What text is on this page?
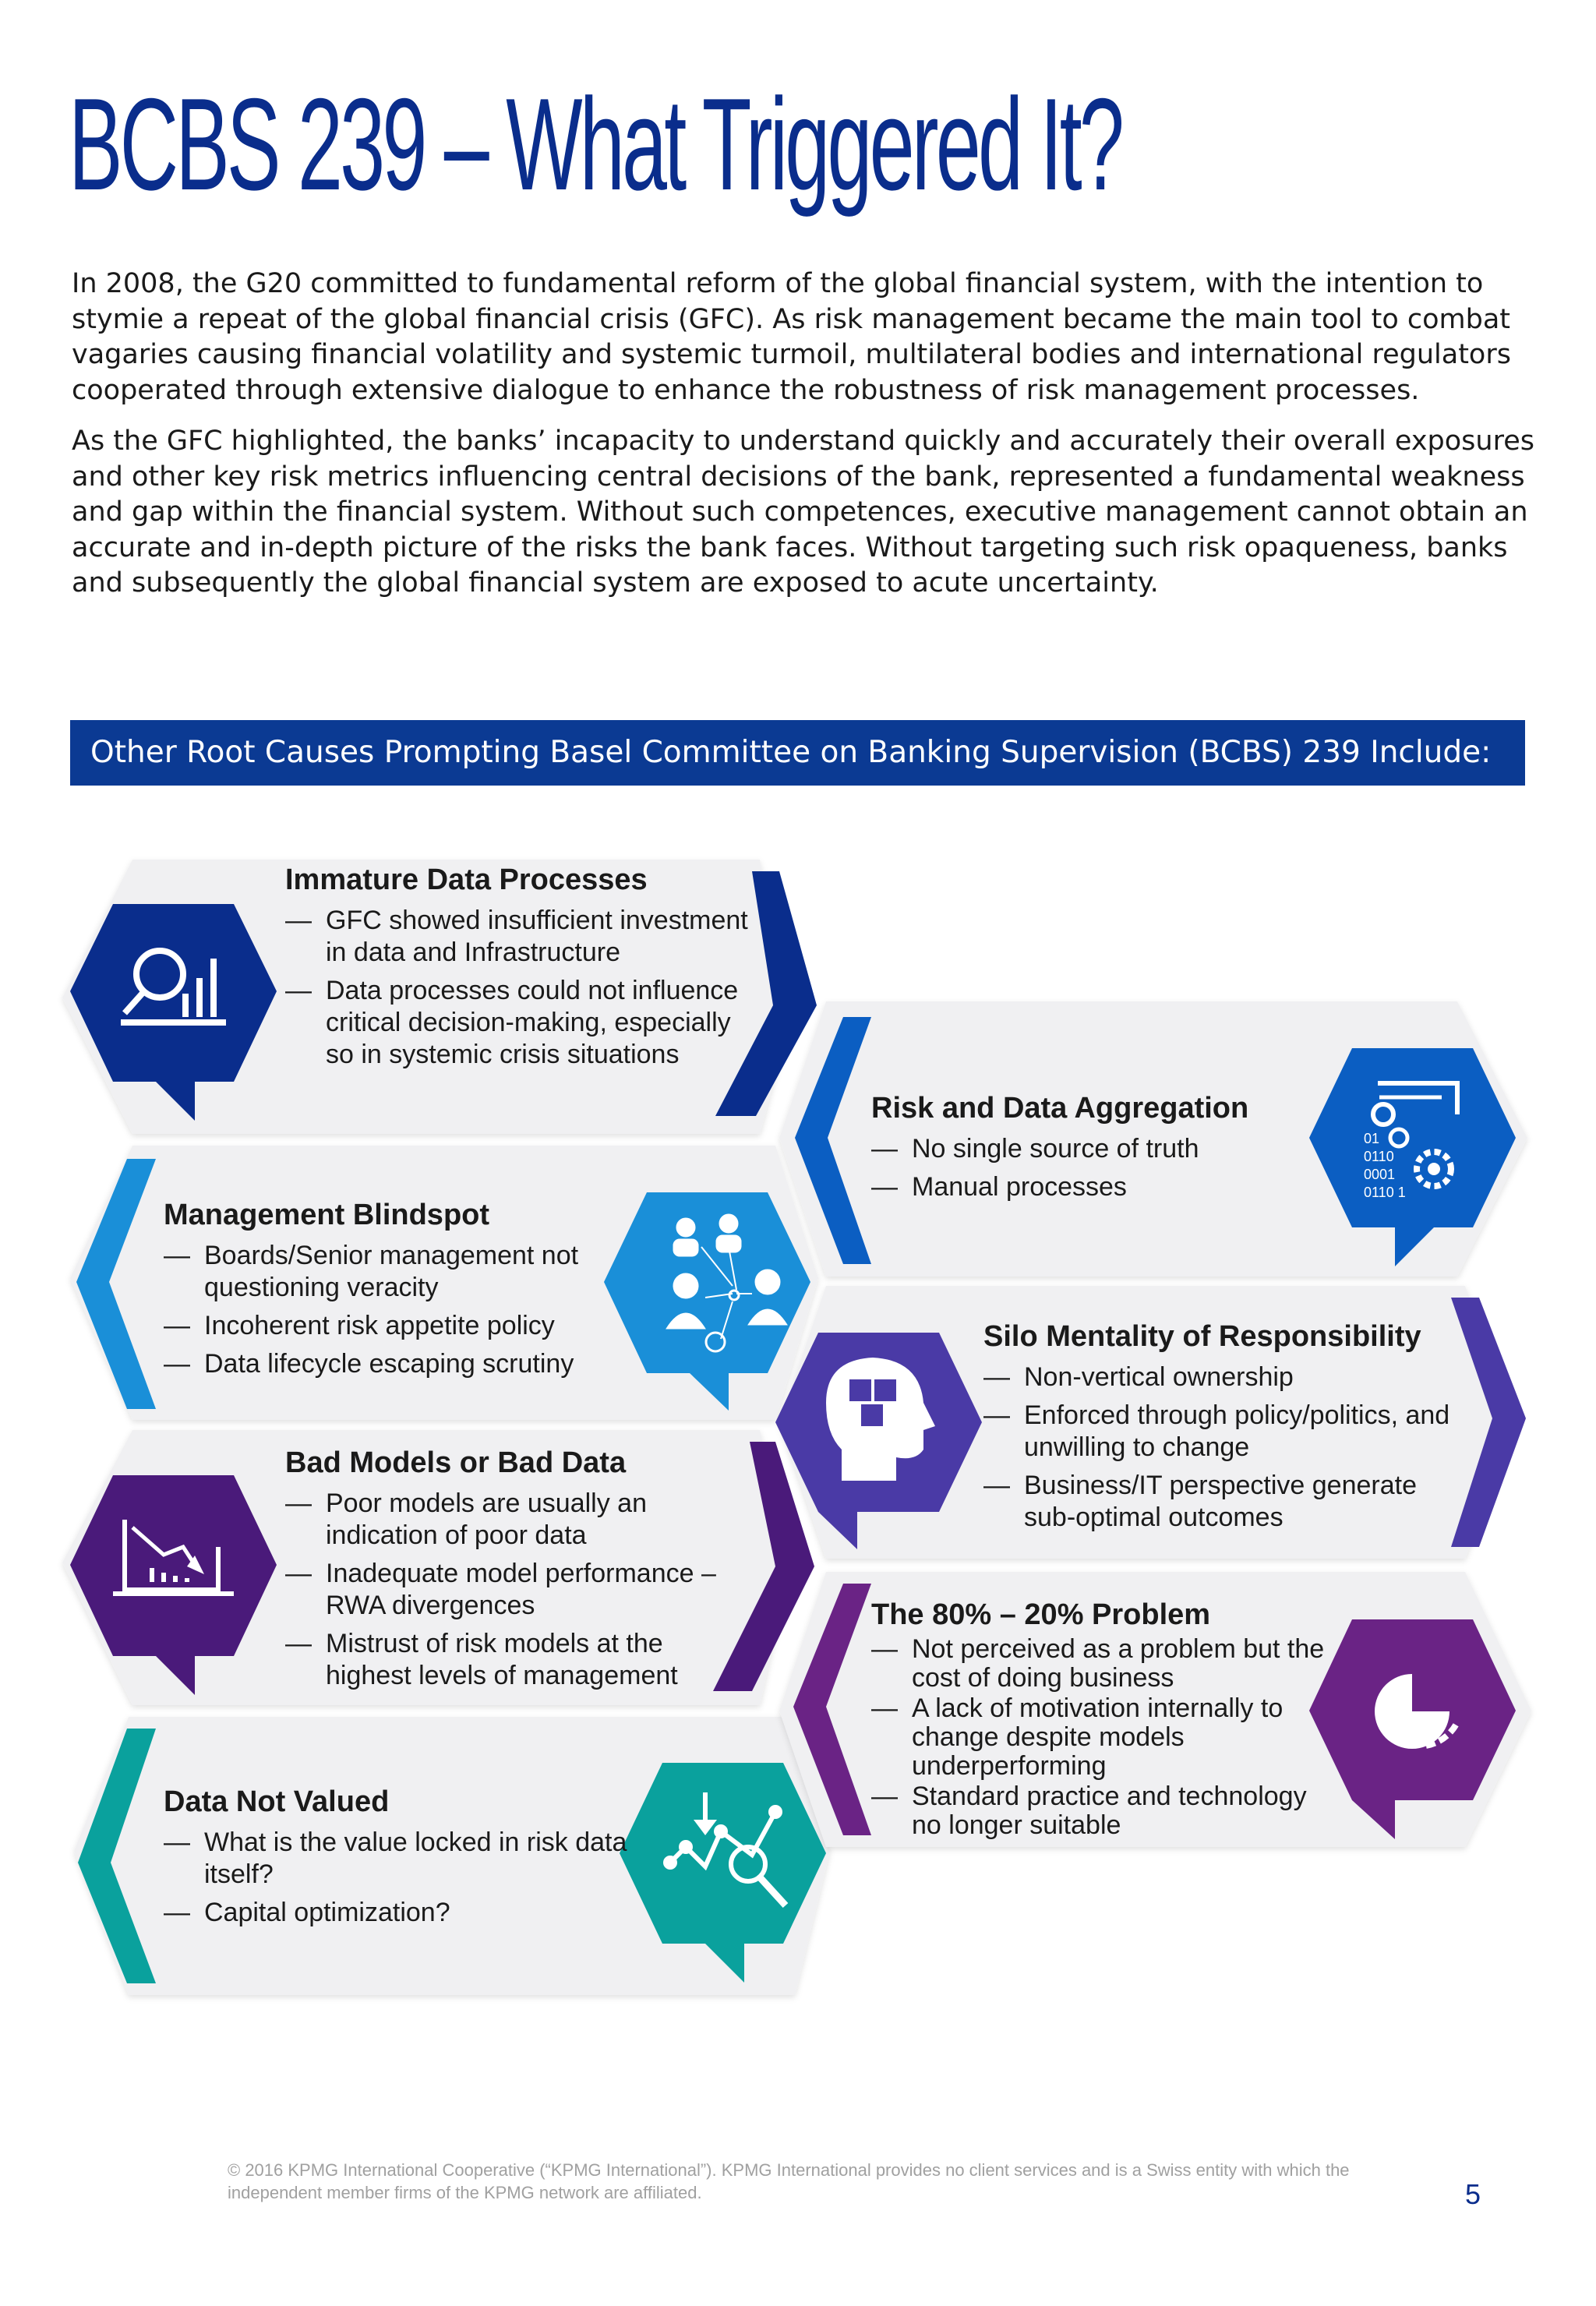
BCBS 239 – What Triggered It?

In 2008, the G20 committed to fundamental reform of the global financial system, with the intention to stymie a repeat of the global financial crisis (GFC). As risk management became the main tool to combat vagaries causing financial volatility and systemic turmoil, multilateral bodies and international regulators cooperated through extensive dialogue to enhance the robustness of risk management processes.

As the GFC highlighted, the banks’ incapacity to understand quickly and accurately their overall exposures and other key risk metrics influencing central decisions of the bank, represented a fundamental weakness and gap within the financial system. Without such competences, executive management cannot obtain an accurate and in-depth picture of the risks the bank faces. Without targeting such risk opaqueness, banks and subsequently the global financial system are exposed to acute uncertainty.

Other Root Causes Prompting Basel Committee on Banking Supervision (BCBS) 239 Include:
01
0110
0001
0110 1
Immature Data Processes
— GFC showed insufficient investment in data and Infrastructure
— Data processes could not influence critical decision-making, especially so in systemic crisis situations
Risk and Data Aggregation
— No single source of truth
— Manual processes
Management Blindspot
— Boards/Senior management not questioning veracity
— Incoherent risk appetite policy
— Data lifecycle escaping scrutiny
Silo Mentality of Responsibility
— Non-vertical ownership
— Enforced through policy/politics, and unwilling to change
— Business/IT perspective generate sub-optimal outcomes
Bad Models or Bad Data
— Poor models are usually an indication of poor data
— Inadequate model performance – RWA divergences
— Mistrust of risk models at the highest levels of management
The 80% – 20% Problem
— Not perceived as a problem but the cost of doing business
— A lack of motivation internally to change despite models underperforming
— Standard practice and technology no longer suitable
Data Not Valued
— What is the value locked in risk data itself?
— Capital optimization?
© 2016 KPMG International Cooperative (“KPMG International”). KPMG International provides no client services and is a Swiss entity with which the independent member firms of the KPMG network are affiliated.	5
